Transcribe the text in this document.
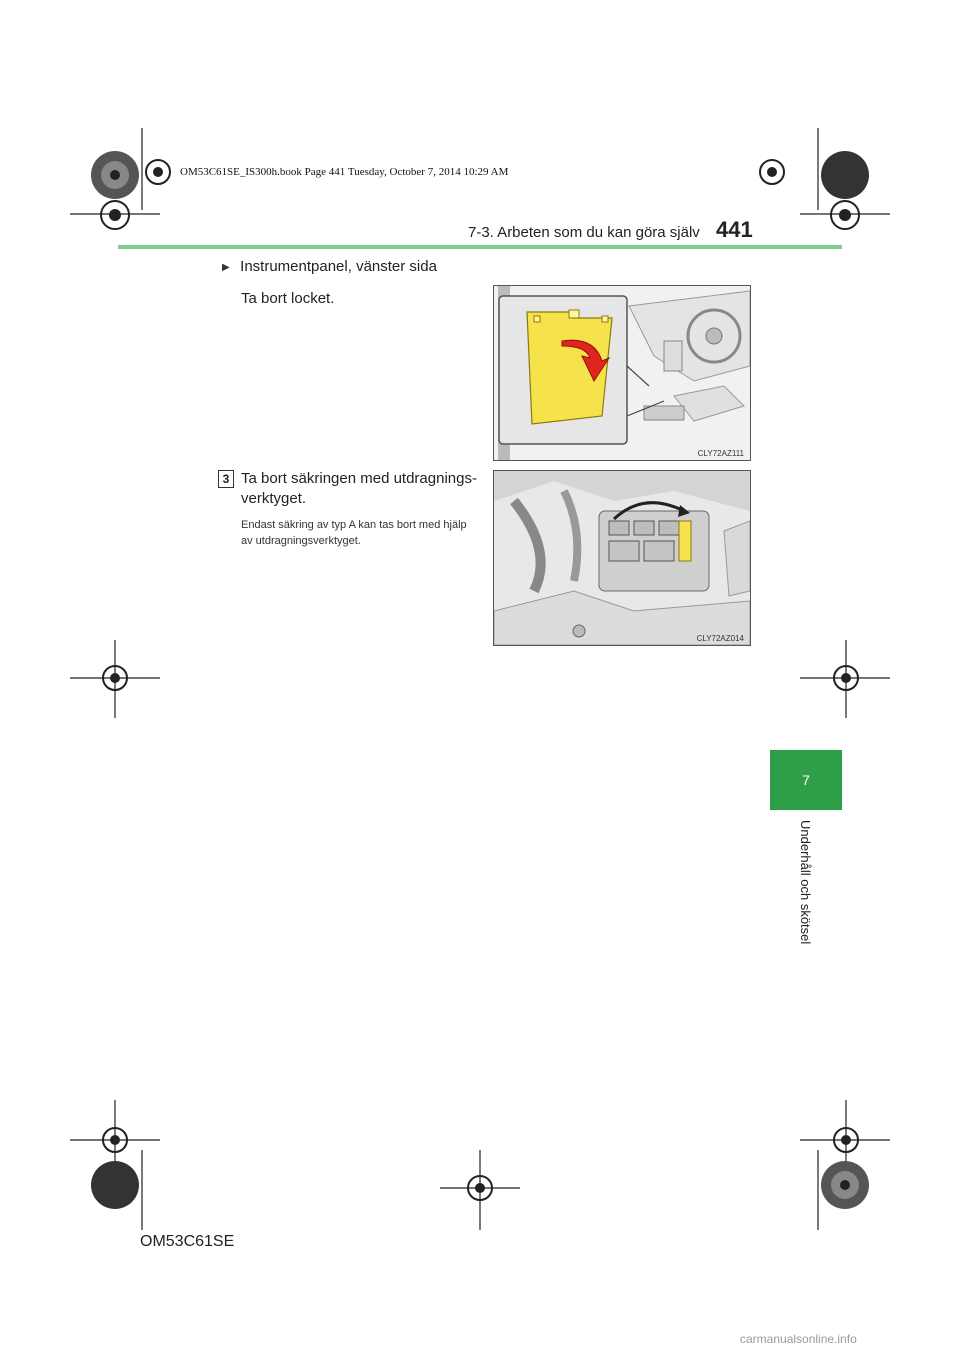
OM53C61SE_IS300h.book Page 441 Tuesday, October 7, 2014 10:29 AM
7-3. Arbeten som du kan göra själv 441
7
Underhåll och skötsel
▶ Instrumentpanel, vänster sida
Ta bort locket.
3 Ta bort säkringen med utdragnings-
verktyget.
Endast säkring av typ A kan tas bort med hjälp av utdragningsverktyget.
CLY72AZ111
CLY72AZ014
OM53C61SE
carmanualsonline.info
